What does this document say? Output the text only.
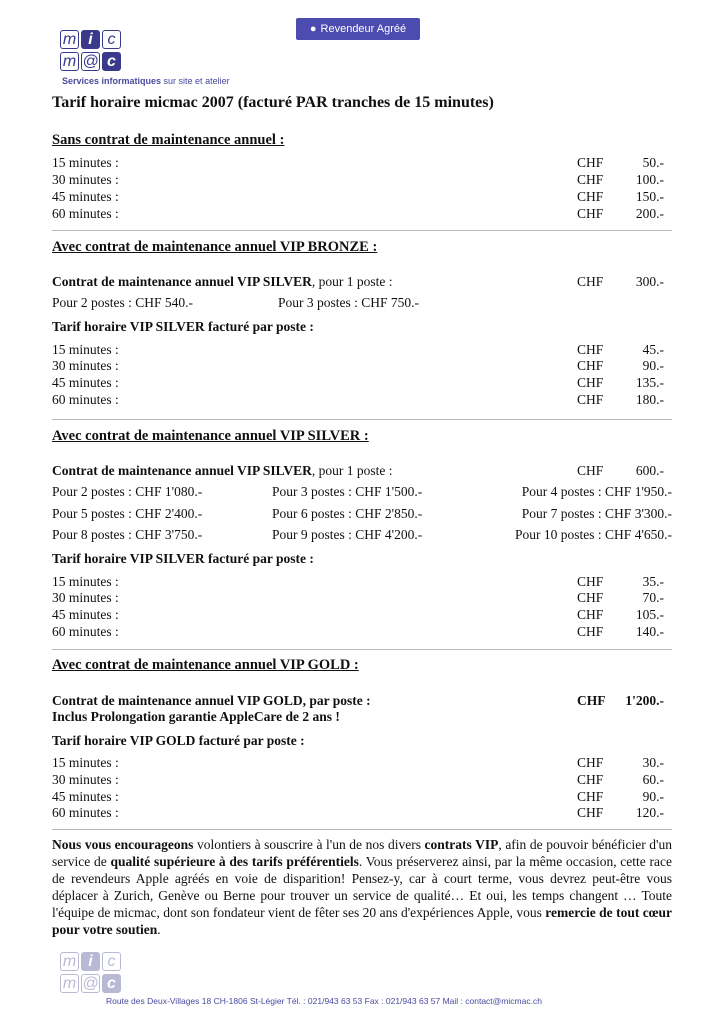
● Revendeur Agréé
m i c
m @ c
Services informatiques sur site et atelier
Tarif horaire micmac 2007 (facturé PAR tranches de 15 minutes)
Sans contrat de maintenance annuel :
15 minutes :	CHF	50.-
30 minutes :	CHF 100.-
45 minutes :	CHF 150.-
60 minutes :	CHF 200.-
Avec contrat de maintenance annuel VIP BRONZE :
Contrat de maintenance annuel VIP SILVER, pour 1 poste :	CHF 300.-
Pour 2 postes : CHF 540.-	Pour 3 postes : CHF 750.-
Tarif horaire VIP SILVER facturé par poste :
15 minutes :	CHF	45.-
30 minutes :	CHF	90.-
45 minutes :	CHF 135.-
60 minutes :	CHF 180.-
Avec contrat de maintenance annuel VIP SILVER :
Contrat de maintenance annuel VIP SILVER, pour 1 poste :	CHF 600.-
Pour 2 postes : CHF 1'080.-	Pour 3 postes : CHF 1'500.-	Pour 4 postes : CHF 1'950.-
Pour 5 postes : CHF 2'400.-	Pour 6 postes : CHF 2'850.-	Pour 7 postes : CHF 3'300.-
Pour 8 postes : CHF 3'750.-	Pour 9 postes : CHF 4'200.-	Pour 10 postes : CHF 4'650.-
Tarif horaire VIP SILVER facturé par poste :
15 minutes :	CHF	35.-
30 minutes :	CHF	70.-
45 minutes :	CHF 105.-
60 minutes :	CHF 140.-
Avec contrat de maintenance annuel VIP GOLD :
Contrat de maintenance annuel VIP GOLD, par poste :	CHF 1'200.-
Inclus Prolongation garantie AppleCare de 2 ans !
Tarif horaire VIP GOLD facturé par poste :
15 minutes :	CHF	30.-
30 minutes :	CHF	60.-
45 minutes :	CHF	90.-
60 minutes :	CHF 120.-
Nous vous encourageons volontiers à souscrire à l'un de nos divers contrats VIP, afin de pouvoir bénéficier d'un service de qualité supérieure à des tarifs préférentiels. Vous préserverez ainsi, par la même occasion, cette race de revendeurs Apple agréés en voie de disparition! Pensez-y, car à court terme, vous devrez peut-être vous déplacer à Zurich, Genève ou Berne pour trouver un service de qualité… Et oui, les temps changent … Toute l'équipe de micmac, dont son fondateur vient de fêter ses 20 ans d'expériences Apple, vous remercie de tout cœur pour votre soutien.
m i c
m @ c
Route des Deux-Villages 18 CH-1806 St-Légier Tél. : 021/943 63 53 Fax : 021/943 63 57 Mail : contact@micmac.ch
